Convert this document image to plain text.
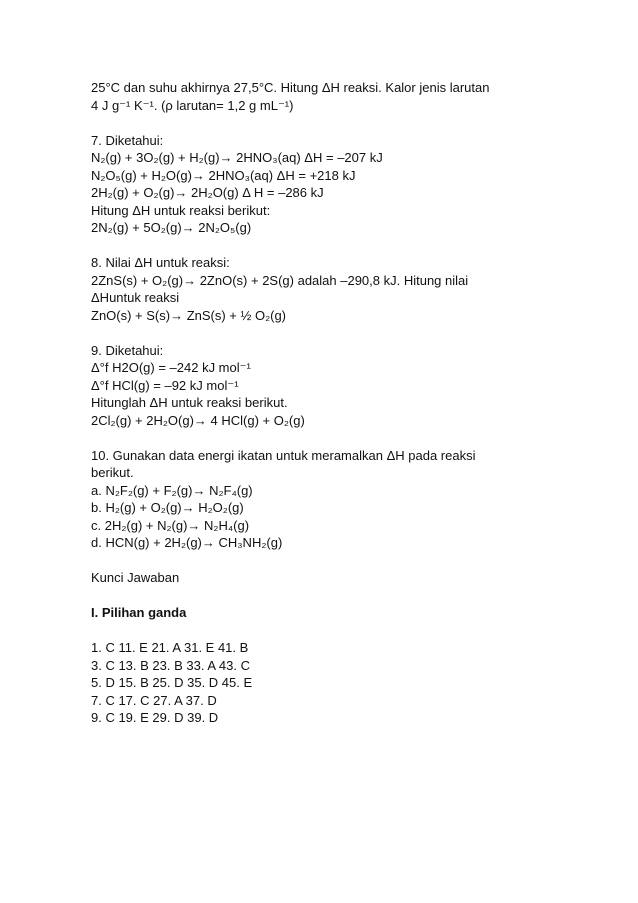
25°C dan suhu akhirnya 27,5°C. Hitung ΔH reaksi. Kalor jenis larutan

4 J g⁻¹ K⁻¹. (ρ larutan= 1,2 g mL⁻¹)

7. Diketahui:

N₂(g) + 3O₂(g) + H₂(g)→ 2HNO₃(aq) ΔH = –207 kJ

N₂O₅(g) + H₂O(g)→ 2HNO₃(aq) ΔH = +218 kJ

2H₂(g) + O₂(g)→ 2H₂O(g) Δ H = –286 kJ

Hitung ΔH untuk reaksi berikut:

2N₂(g) + 5O₂(g)→ 2N₂O₅(g)

8. Nilai ΔH untuk reaksi:

2ZnS(s) + O₂(g)→ 2ZnO(s) + 2S(g) adalah –290,8 kJ. Hitung nilai

ΔHuntuk reaksi

ZnO(s) + S(s)→ ZnS(s) + ½ O₂(g)

9. Diketahui:

Δ°f H2O(g) = –242 kJ mol⁻¹

Δ°f HCl(g) = –92 kJ mol⁻¹

Hitunglah ΔH untuk reaksi berikut.

2Cl₂(g) + 2H₂O(g)→ 4 HCl(g) + O₂(g)

10. Gunakan data energi ikatan untuk meramalkan ΔH pada reaksi

berikut.

a. N₂F₂(g) + F₂(g)→ N₂F₄(g)

b. H₂(g) + O₂(g)→ H₂O₂(g)

c. 2H₂(g) + N₂(g)→ N₂H₄(g)

d. HCN(g) + 2H₂(g)→ CH₃NH₂(g)

Kunci Jawaban

I. Pilihan ganda

1. C 11. E 21. A 31. E 41. B

3. C 13. B 23. B 33. A 43. C

5. D 15. B 25. D 35. D 45. E

7. C 17. C 27. A 37. D

9. C 19. E 29. D 39. D
